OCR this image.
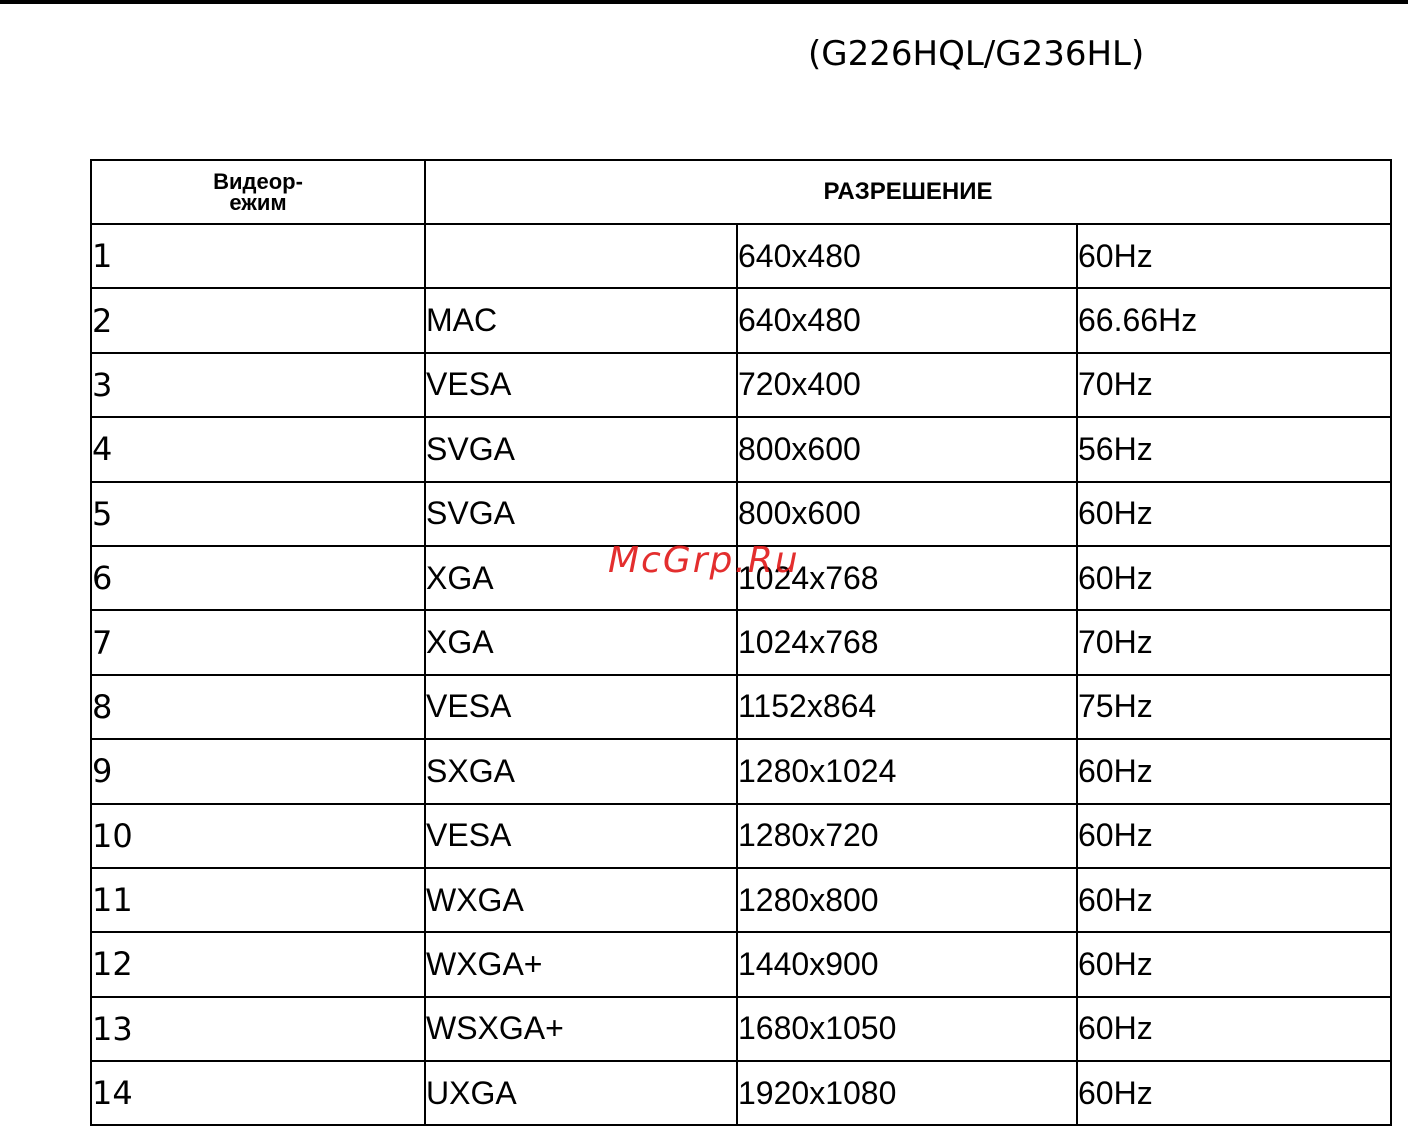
(G226HQL/G236HL)
Видеор-
ежим	РАЗРЕШЕНИЕ		
1		640x480	60Hz
2	MAC	640x480	66.66Hz
3	VESA	720x400	70Hz
4	SVGA	800x600	56Hz
5	SVGA	800x600	60Hz
6	XGA	1024x768	60Hz
7	XGA	1024x768	70Hz
8	VESA	1152x864	75Hz
9	SXGA	1280x1024	60Hz
10	VESA	1280x720	60Hz
11	WXGA	1280x800	60Hz
12	WXGA+	1440x900	60Hz
13	WSXGA+	1680x1050	60Hz
14	UXGA	1920x1080	60Hz
McGrp.Ru
